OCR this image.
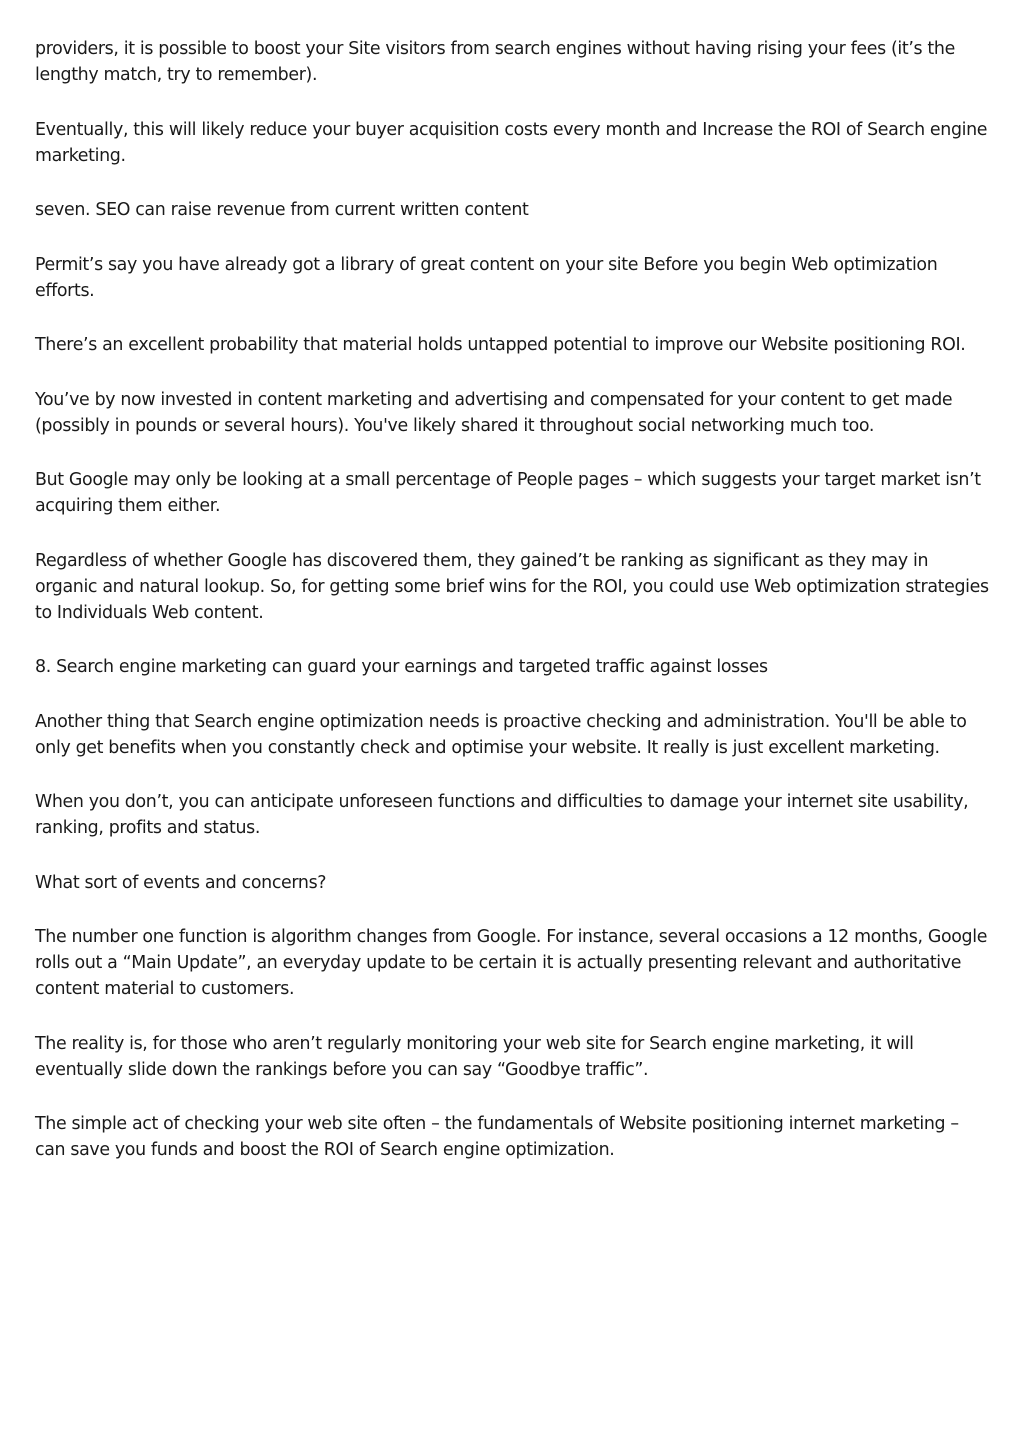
providers, it is possible to boost your Site visitors from search engines without having rising your fees (it’s the lengthy match, try to remember).

Eventually, this will likely reduce your buyer acquisition costs every month and Increase the ROI of Search engine marketing.

seven. SEO can raise revenue from current written content

Permit’s say you have already got a library of great content on your site Before you begin Web optimization efforts.

There’s an excellent probability that material holds untapped potential to improve our Website positioning ROI.

You’ve by now invested in content marketing and advertising and compensated for your content to get made (possibly in pounds or several hours). You've likely shared it throughout social networking much too.

But Google may only be looking at a small percentage of People pages – which suggests your target market isn’t acquiring them either.

Regardless of whether Google has discovered them, they gained’t be ranking as significant as they may in organic and natural lookup. So, for getting some brief wins for the ROI, you could use Web optimization strategies to Individuals Web content.

8. Search engine marketing can guard your earnings and targeted traffic against losses

Another thing that Search engine optimization needs is proactive checking and administration. You'll be able to only get benefits when you constantly check and optimise your website. It really is just excellent marketing.

When you don’t, you can anticipate unforeseen functions and difficulties to damage your internet site usability, ranking, profits and status.

What sort of events and concerns?

The number one function is algorithm changes from Google. For instance, several occasions a 12 months, Google rolls out a “Main Update”, an everyday update to be certain it is actually presenting relevant and authoritative content material to customers.

The reality is, for those who aren’t regularly monitoring your web site for Search engine marketing, it will eventually slide down the rankings before you can say “Goodbye traffic”.

The simple act of checking your web site often – the fundamentals of Website positioning internet marketing – can save you funds and boost the ROI of Search engine optimization.
